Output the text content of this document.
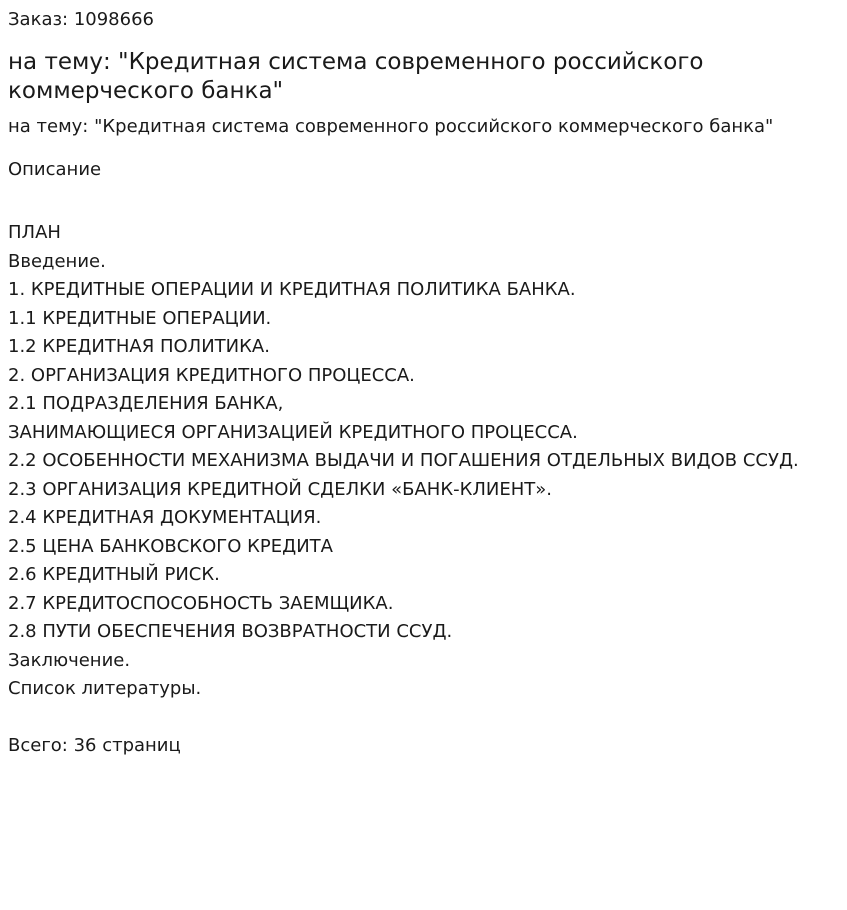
Заказ: 1098666

на тему: "Кредитная система современного российского коммерческого банка"

на тему: "Кредитная система современного российского коммерческого банка"

Описание

ПЛАН

Введение.

1. КРЕДИТНЫЕ ОПЕРАЦИИ И КРЕДИТНАЯ ПОЛИТИКА БАНКА.

1.1 КРЕДИТНЫЕ ОПЕРАЦИИ.

1.2 КРЕДИТНАЯ ПОЛИТИКА.

2. ОРГАНИЗАЦИЯ КРЕДИТНОГО ПРОЦЕССА.

2.1 ПОДРАЗДЕЛЕНИЯ БАНКА,

ЗАНИМАЮЩИЕСЯ ОРГАНИЗАЦИЕЙ КРЕДИТНОГО ПРОЦЕССА.

2.2 ОСОБЕННОСТИ МЕХАНИЗМА ВЫДАЧИ И ПОГАШЕНИЯ ОТДЕЛЬНЫХ ВИДОВ ССУД.

2.3 ОРГАНИЗАЦИЯ КРЕДИТНОЙ СДЕЛКИ «БАНК-КЛИЕНТ».

2.4 КРЕДИТНАЯ ДОКУМЕНТАЦИЯ.

2.5 ЦЕНА БАНКОВСКОГО КРЕДИТА

2.6 КРЕДИТНЫЙ РИСК.

2.7 КРЕДИТОСПОСОБНОСТЬ ЗАЕМЩИКА.

2.8 ПУТИ ОБЕСПЕЧЕНИЯ ВОЗВРАТНОСТИ ССУД.

Заключение.

Список литературы.

Всего: 36 страниц
